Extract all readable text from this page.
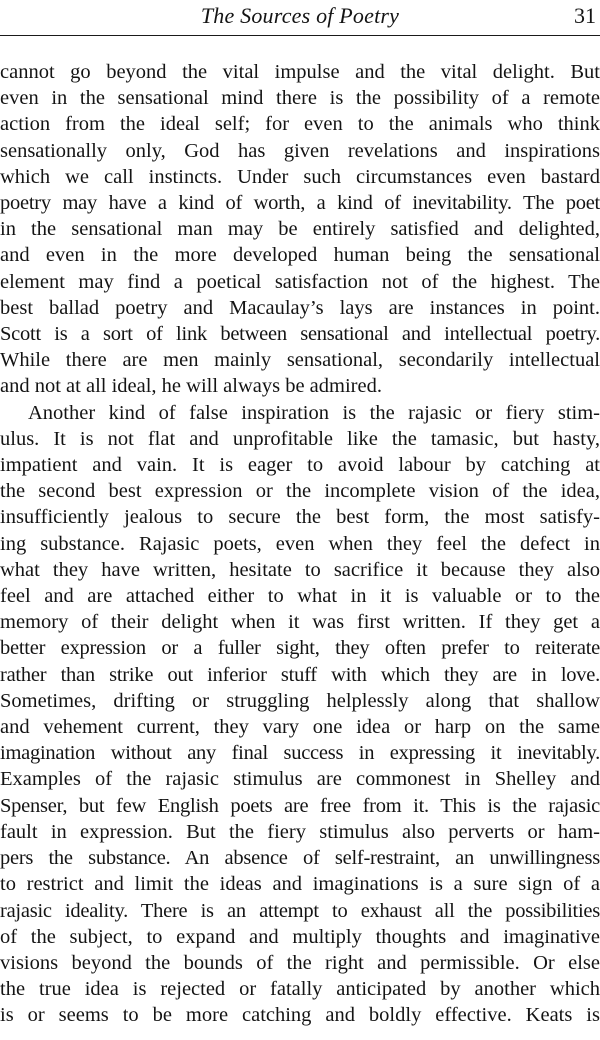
The Sources of Poetry	31
cannot go beyond the vital impulse and the vital delight. But
even in the sensational mind there is the possibility of a remote
action from the ideal self; for even to the animals who think
sensationally only, God has given revelations and inspirations
which we call instincts. Under such circumstances even bastard
poetry may have a kind of worth, a kind of inevitability. The poet
in the sensational man may be entirely satisfied and delighted,
and even in the more developed human being the sensational
element may find a poetical satisfaction not of the highest. The
best ballad poetry and Macaulay’s lays are instances in point.
Scott is a sort of link between sensational and intellectual poetry.
While there are men mainly sensational, secondarily intellectual
and not at all ideal, he will always be admired.
Another kind of false inspiration is the rajasic or fiery stim-
ulus. It is not flat and unprofitable like the tamasic, but hasty,
impatient and vain. It is eager to avoid labour by catching at
the second best expression or the incomplete vision of the idea,
insufficiently jealous to secure the best form, the most satisfy-
ing substance. Rajasic poets, even when they feel the defect in
what they have written, hesitate to sacrifice it because they also
feel and are attached either to what in it is valuable or to the
memory of their delight when it was first written. If they get a
better expression or a fuller sight, they often prefer to reiterate
rather than strike out inferior stuff with which they are in love.
Sometimes, drifting or struggling helplessly along that shallow
and vehement current, they vary one idea or harp on the same
imagination without any final success in expressing it inevitably.
Examples of the rajasic stimulus are commonest in Shelley and
Spenser, but few English poets are free from it. This is the rajasic
fault in expression. But the fiery stimulus also perverts or ham-
pers the substance. An absence of self-restraint, an unwillingness
to restrict and limit the ideas and imaginations is a sure sign of a
rajasic ideality. There is an attempt to exhaust all the possibilities
of the subject, to expand and multiply thoughts and imaginative
visions beyond the bounds of the right and permissible. Or else
the true idea is rejected or fatally anticipated by another which
is or seems to be more catching and boldly effective. Keats is
